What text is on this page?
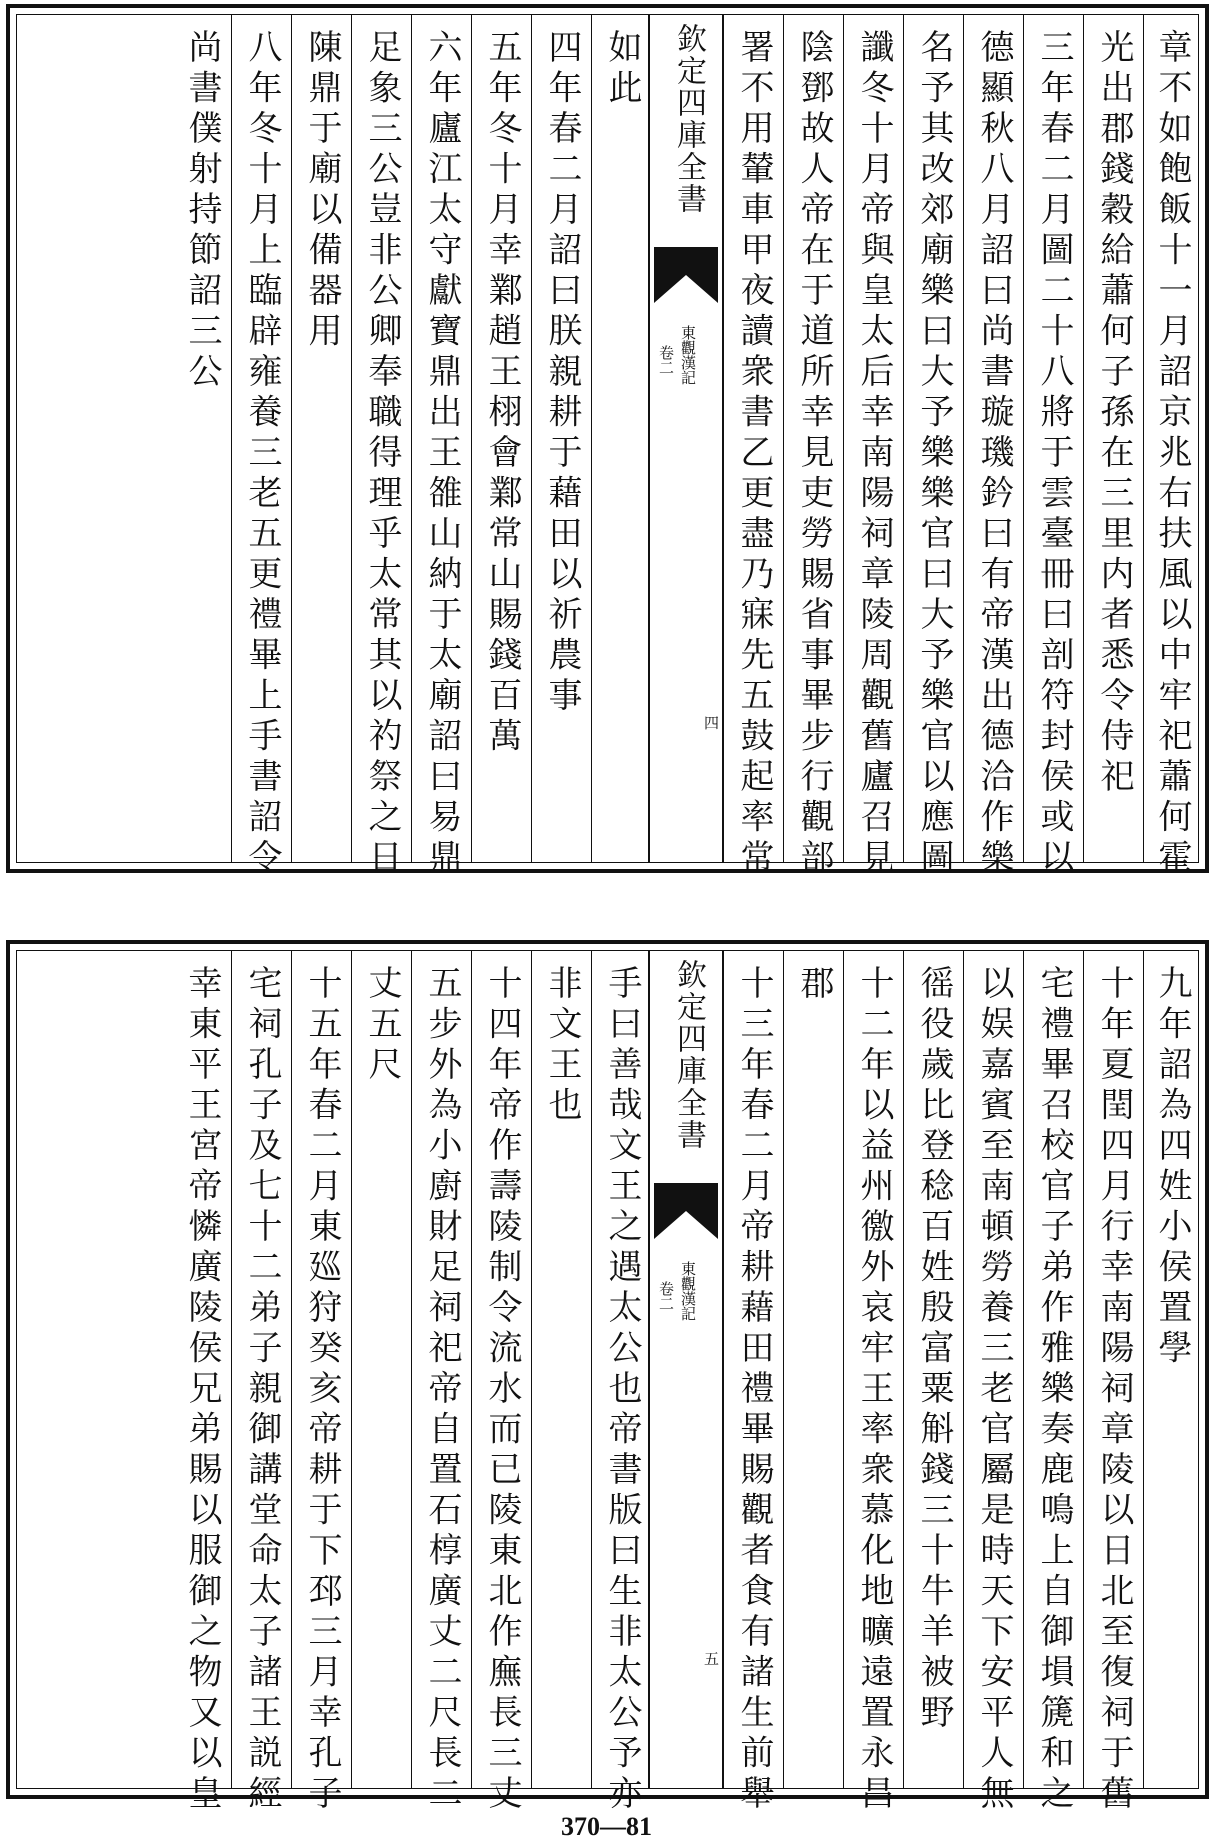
章不如飽飯十一月詔京兆右扶風以中牢祀蕭何霍
光出郡錢穀給蕭何子孫在三里内者悉令侍祀
三年春二月圖二十八將于雲臺冊曰剖符封侯或以
德顯秋八月詔曰尚書璇璣鈐曰有帝漢出德洽作樂
名予其改郊廟樂曰大予樂樂官曰大予樂官以應圖
讖冬十月帝與皇太后幸南陽祠章陵周觀舊廬召見
陰鄧故人帝在于道所幸見吏勞賜省事畢步行觀部
署不用輦車甲夜讀衆書乙更盡乃寐先五鼓起率常
欽定四庫全書
東觀漢記
卷二
四
如此
四年春二月詔曰朕親耕于藉田以祈農事
五年冬十月幸鄴趙王栩會鄴常山賜錢百萬
六年廬江太守獻寶鼎出王雒山納于太廟詔曰易鼎
足象三公豈非公卿奉職得理乎太常其以礿祭之日
陳鼎于廟以備器用
八年冬十月上臨辟雍養三老五更禮畢上手書詔令
尚書僕射持節詔三公
九年詔為四姓小侯置學
十年夏閏四月行幸南陽祠章陵以日北至復祠于舊
宅禮畢召校官子弟作雅樂奏鹿鳴上自御塤篪和之
以娱嘉賓至南頓勞養三老官屬是時天下安平人無
徭役歲比登稔百姓殷富粟斛錢三十牛羊被野
十二年以益州徼外哀牢王率衆慕化地曠遠置永昌
郡
十三年春二月帝耕藉田禮畢賜觀者食有諸生前舉
欽定四庫全書
東觀漢記
卷二
五
手曰善哉文王之遇太公也帝書版曰生非太公予亦
非文王也
十四年帝作壽陵制令流水而已陵東北作廡長三丈
五步外為小廚財足祠祀帝自置石椁廣丈二尺長二
丈五尺
十五年春二月東廵狩癸亥帝耕于下邳三月幸孔子
宅祠孔子及七十二弟子親御講堂命太子諸王説經
幸東平王宮帝憐廣陵侯兄弟賜以服御之物又以皇
370—81
